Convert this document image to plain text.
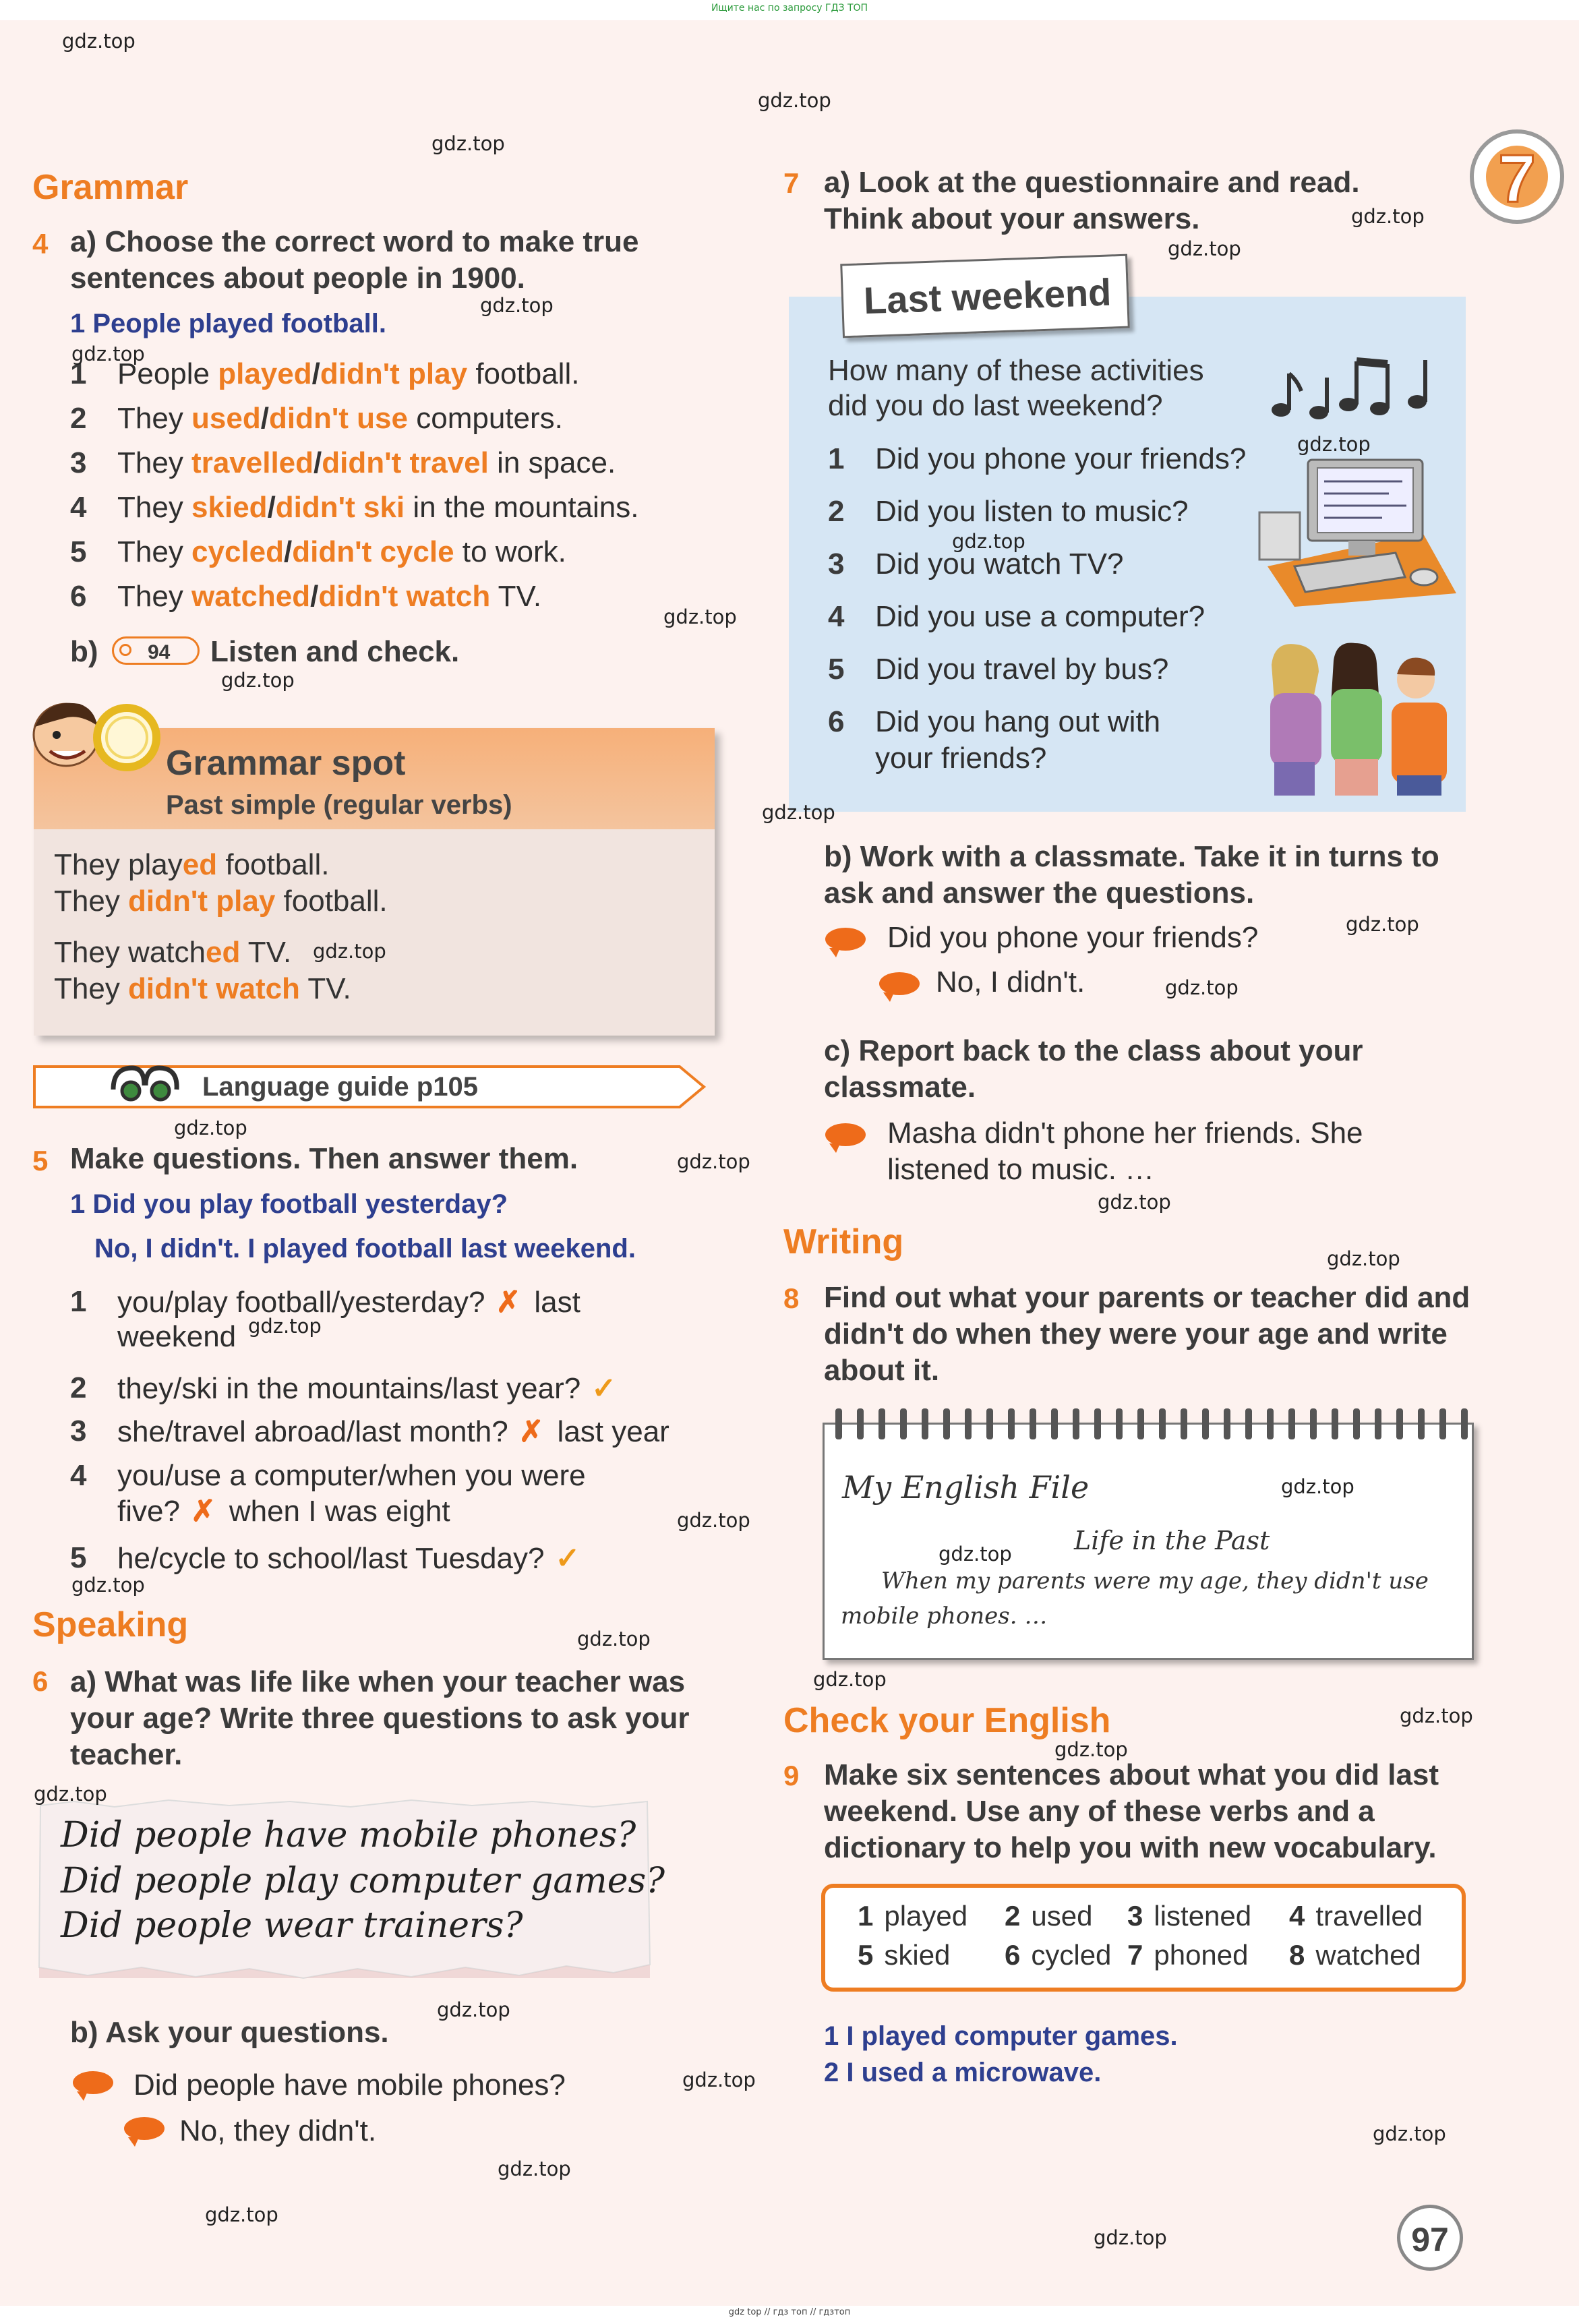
Ищите нас по запросу ГДЗ ТОП
7
Grammar
4 a) Choose the correct word to make true sentences about people in 1900.
1 People played football.
1 People played/didn't play football.
2 They used/didn't use computers.
3 They travelled/didn't travel in space.
4 They skied/didn't ski in the mountains.
5 They cycled/didn't cycle to work.
6 They watched/didn't watch TV.
b) 94 Listen and check.
Grammar spot
Past simple (regular verbs)
They played football.
They didn't play football.
They watched TV.
They didn't watch TV.
Language guide p105
5 Make questions. Then answer them.
1 Did you play football yesterday?
No, I didn't. I played football last weekend.
1 you/play football/yesterday? ✗ last
weekend
2 they/ski in the mountains/last year? ✓
3 she/travel abroad/last month? ✗ last year
4 you/use a computer/when you were
five? ✗ when I was eight
5 he/cycle to school/last Tuesday? ✓
Speaking
6 a) What was life like when your teacher was your age? Write three questions to ask your teacher.
Did people have mobile phones?
Did people play computer games?
Did people wear trainers?
b) Ask your questions.
Did people have mobile phones?
No, they didn't.
7 a) Look at the questionnaire and read. Think about your answers.
Last weekend
How many of these activities did you do last weekend?
1 Did you phone your friends?
2 Did you listen to music?
3 Did you watch TV?
4 Did you use a computer?
5 Did you travel by bus?
6 Did you hang out with
your friends?
b) Work with a classmate. Take it in turns to ask and answer the questions.
Did you phone your friends?
No, I didn't.
c) Report back to the class about your classmate.
Masha didn't phone her friends. She listened to music. …
Writing
8 Find out what your parents or teacher did and didn't do when they were your age and write about it.
My English File
Life in the Past
When my parents were my age, they didn't use mobile phones. …
Check your English
9 Make six sentences about what you did last weekend. Use any of these verbs and a dictionary to help you with new vocabulary.
1 played 2 used 3 listened 4 travelled
5 skied 6 cycled 7 phoned 8 watched
1 I played computer games.
2 I used a microwave.
97
gdz.top
gdz.top
gdz.top
gdz.top
gdz.top
gdz.top
gdz.top
gdz.top
gdz.top
gdz.top
gdz.top
gdz.top
gdz.top
gdz.top
gdz.top
gdz.top
gdz.top
gdz.top
gdz.top
gdz.top
gdz.top
gdz.top
gdz.top
gdz.top
gdz.top
gdz.top
gdz.top
gdz.top
gdz.top
gdz.top
gdz.top
gdz.top
gdz.top
gdz.top
gdz.top
gdz top // гдз топ // гдзтоп
